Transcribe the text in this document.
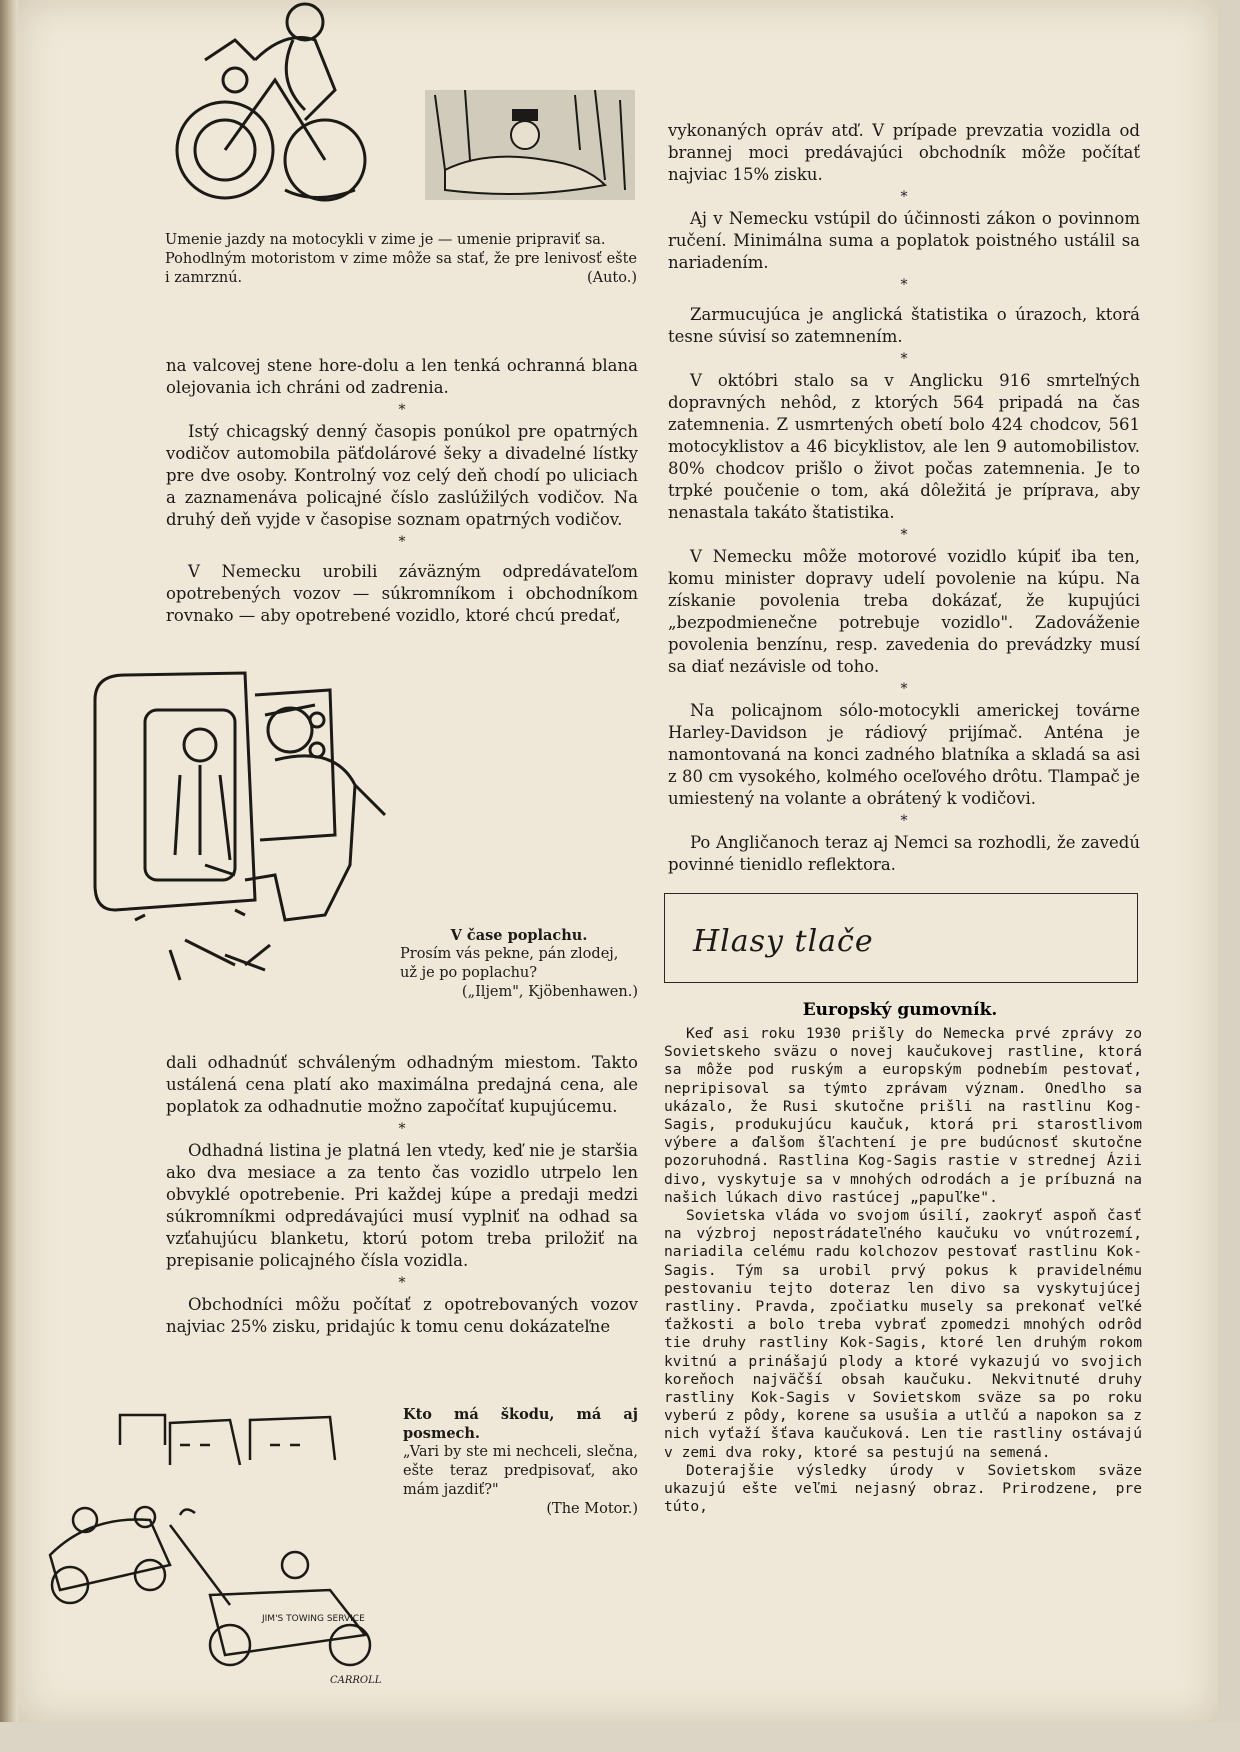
Umenie jazdy na motocykli v zime je — umenie pripraviť sa.
Pohodlným motoristom v zime môže sa stať, že pre lenivosť ešte i zamrznú.	(Auto.)

na valcovej stene hore-dolu a len tenká ochranná blana olejovania ich chráni od zadrenia.

*

Istý chicagský denný časopis ponúkol pre opatrných vodičov automobila päťdolárové šeky a divadelné lístky pre dve osoby. Kontrolný voz celý deň chodí po uliciach a zaznamenáva policajné číslo zaslúžilých vodičov. Na druhý deň vyjde v časopise soznam opatrných vodičov.

*

V Nemecku urobili záväzným odpredávateľom opotrebených vozov — súkromníkom i obchodníkom rovnako — aby opotrebené vozidlo, ktoré chcú predať,

V čase poplachu.
Prosím vás pekne, pán zlodej, už je po poplachu?
(„Iljem", Kjöbenhawen.)

dali odhadnúť schváleným odhadným miestom. Takto ustálená cena platí ako maximálna predajná cena, ale poplatok za odhadnutie možno započítať kupujúcemu.

*

Odhadná listina je platná len vtedy, keď nie je staršia ako dva mesiace a za tento čas vozidlo utrpelo len obvyklé opotrebenie. Pri každej kúpe a predaji medzi súkromníkmi odpredávajúci musí vyplniť na odhad sa vzťahujúcu blanketu, ktorú potom treba priložiť na prepisanie policajného čísla vozidla.

*

Obchodníci môžu počítať z opotrebovaných vozov najviac 25% zisku, pridajúc k tomu cenu dokázateľne

JIM'S TOWING SERVICE
CARROLL
Kto má škodu, má aj posmech.
„Vari by ste mi nechceli, slečna, ešte teraz predpisovať, ako mám jazdiť?"
(The Motor.)

vykonaných opráv atď. V prípade prevzatia vozidla od brannej moci predávajúci obchodník môže počítať najviac 15% zisku.

*

Aj v Nemecku vstúpil do účinnosti zákon o povinnom ručení. Minimálna suma a poplatok poistného ustálil sa nariadením.

*

Zarmucujúca je anglická štatistika o úrazoch, ktorá tesne súvisí so zatemnením.

*

V októbri stalo sa v Anglicku 916 smrteľných dopravných nehôd, z ktorých 564 pripadá na čas zatemnenia. Z usmrtených obetí bolo 424 chodcov, 561 motocyklistov a 46 bicyklistov, ale len 9 automobilistov. 80% chodcov prišlo o život počas zatemnenia. Je to trpké poučenie o tom, aká dôležitá je príprava, aby nenastala takáto štatistika.

*

V Nemecku môže motorové vozidlo kúpiť iba ten, komu minister dopravy udelí povolenie na kúpu. Na získanie povolenia treba dokázať, že kupujúci „bezpodmienečne potrebuje vozidlo". Zadováženie povolenia benzínu, resp. zavedenia do prevádzky musí sa diať nezávisle od toho.

*

Na policajnom sólo-motocykli americkej továrne Harley-Davidson je rádiový prijímač. Anténa je namontovaná na konci zadného blatníka a skladá sa asi z 80 cm vysokého, kolmého oceľového drôtu. Tlampač je umiestený na volante a obrátený k vodičovi.

*

Po Angličanoch teraz aj Nemci sa rozhodli, že zavedú povinné tienidlo reflektora.

Hlasy tlače
Europský gumovník.

Keď asi roku 1930 prišly do Nemecka prvé zprávy zo Sovietskeho sväzu o novej kaučukovej rastline, ktorá sa môže pod ruským a europským podnebím pestovať, nepripisoval sa týmto zprávam význam. Onedlho sa ukázalo, že Rusi skutočne prišli na rastlinu Kog-Sagis, produkujúcu kaučuk, ktorá pri starostlivom výbere a ďalšom šľachtení je pre budúcnosť skutočne pozoruhodná. Rastlina Kog-Sagis rastie v strednej Ázii divo, vyskytuje sa v mnohých odrodách a je príbuzná na našich lúkach divo rastúcej „papuľke".

Sovietska vláda vo svojom úsilí, zaokryť aspoň časť na výzbroj nepostrádateľného kaučuku vo vnútrozemí, nariadila celému radu kolchozov pestovať rastlinu Kok-Sagis. Tým sa urobil prvý pokus k pravidelnému pestovaniu tejto doteraz len divo sa vyskytujúcej rastliny. Pravda, zpočiatku musely sa prekonať veľké ťažkosti a bolo treba vybrať zpomedzi mnohých odrôd tie druhy rastliny Kok-Sagis, ktoré len druhým rokom kvitnú a prinášajú plody a ktoré vykazujú vo svojich koreňoch najväčší obsah kaučuku. Nekvitnuté druhy rastliny Kok-Sagis v Sovietskom sväze sa po roku vyberú z pôdy, korene sa usušia a utlčú a napokon sa z nich vyťaží šťava kaučuková. Len tie rastliny ostávajú v zemi dva roky, ktoré sa pestujú na semená.

Doterajšie výsledky úrody v Sovietskom sväze ukazujú ešte veľmi nejasný obraz. Prirodzene, pre túto,
